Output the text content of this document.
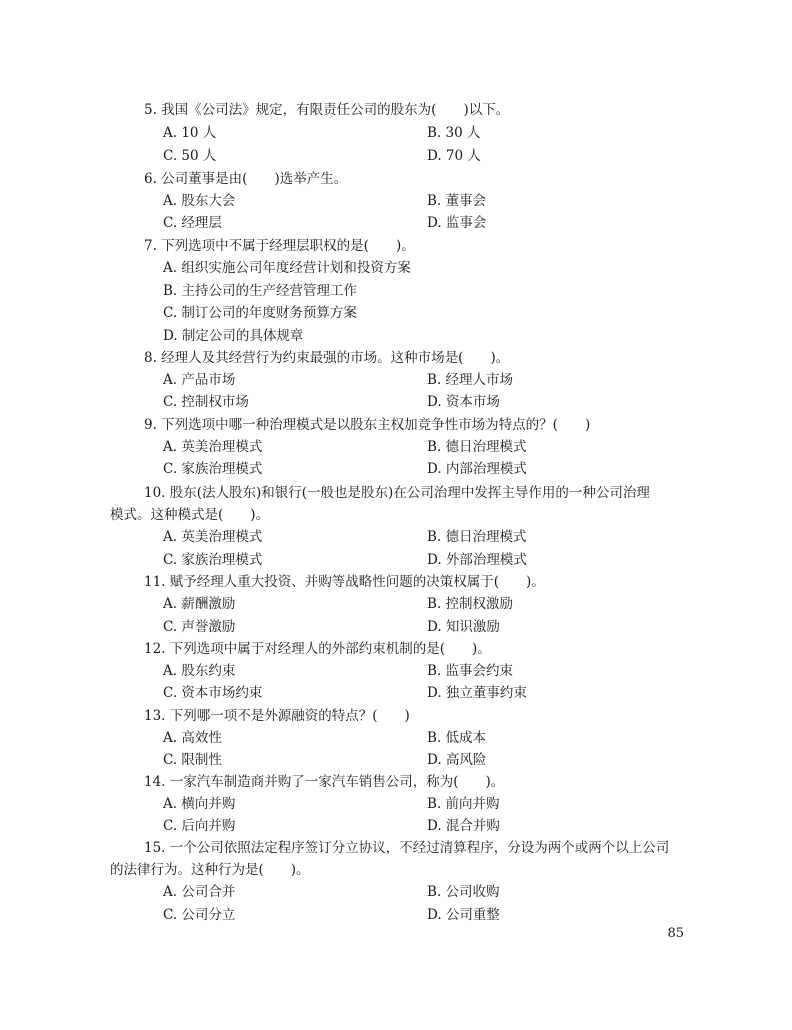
5. 我国《公司法》规定，有限责任公司的股东为(　　)以下。
A. 10 人	B. 30 人
C. 50 人	D. 70 人
6. 公司董事是由(　　)选举产生。
A. 股东大会	B. 董事会
C. 经理层	D. 监事会
7. 下列选项中不属于经理层职权的是(　　)。
A. 组织实施公司年度经营计划和投资方案
B. 主持公司的生产经营管理工作
C. 制订公司的年度财务预算方案
D. 制定公司的具体规章
8. 经理人及其经营行为约束最强的市场。这种市场是(　　)。
A. 产品市场	B. 经理人市场
C. 控制权市场	D. 资本市场
9. 下列选项中哪一种治理模式是以股东主权加竞争性市场为特点的？(　　)
A. 英美治理模式	B. 德日治理模式
C. 家族治理模式	D. 内部治理模式
10. 股东(法人股东)和银行(一般也是股东)在公司治理中发挥主导作用的一种公司治理
模式。这种模式是(　　)。
A. 英美治理模式	B. 德日治理模式
C. 家族治理模式	D. 外部治理模式
11. 赋予经理人重大投资、并购等战略性问题的决策权属于(　　)。
A. 薪酬激励	B. 控制权激励
C. 声誉激励	D. 知识激励
12. 下列选项中属于对经理人的外部约束机制的是(　　)。
A. 股东约束	B. 监事会约束
C. 资本市场约束	D. 独立董事约束
13. 下列哪一项不是外源融资的特点？(　　)
A. 高效性	B. 低成本
C. 限制性	D. 高风险
14. 一家汽车制造商并购了一家汽车销售公司，称为(　　)。
A. 横向并购	B. 前向并购
C. 后向并购	D. 混合并购
15. 一个公司依照法定程序签订分立协议，不经过清算程序，分设为两个或两个以上公司
的法律行为。这种行为是(　　)。
A. 公司合并	B. 公司收购
C. 公司分立	D. 公司重整
85
